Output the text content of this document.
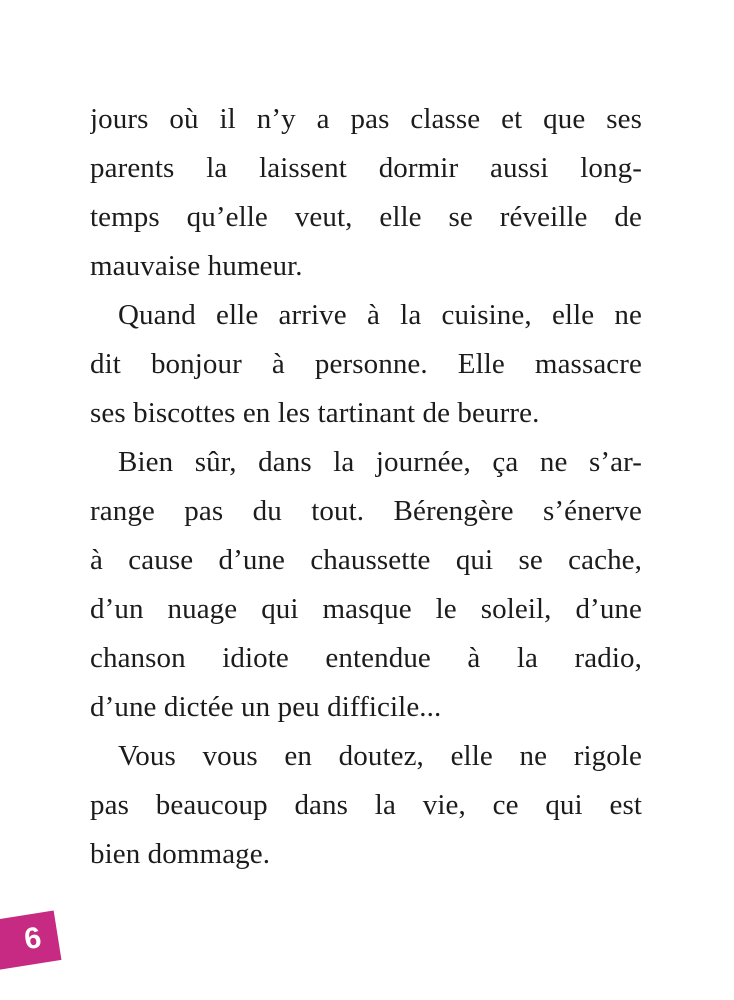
jours où il n’y a pas classe et que ses
parents la laissent dormir aussi long-
temps qu’elle veut, elle se réveille de
mauvaise humeur.
Quand elle arrive à la cuisine, elle ne
dit bonjour à personne. Elle massacre
ses biscottes en les tartinant de beurre.
Bien sûr, dans la journée, ça ne s’ar-
range pas du tout. Bérengère s’énerve
à cause d’une chaussette qui se cache,
d’un nuage qui masque le soleil, d’une
chanson idiote entendue à la radio,
d’une dictée un peu difficile...
Vous vous en doutez, elle ne rigole
pas beaucoup dans la vie, ce qui est
bien dommage.
6
